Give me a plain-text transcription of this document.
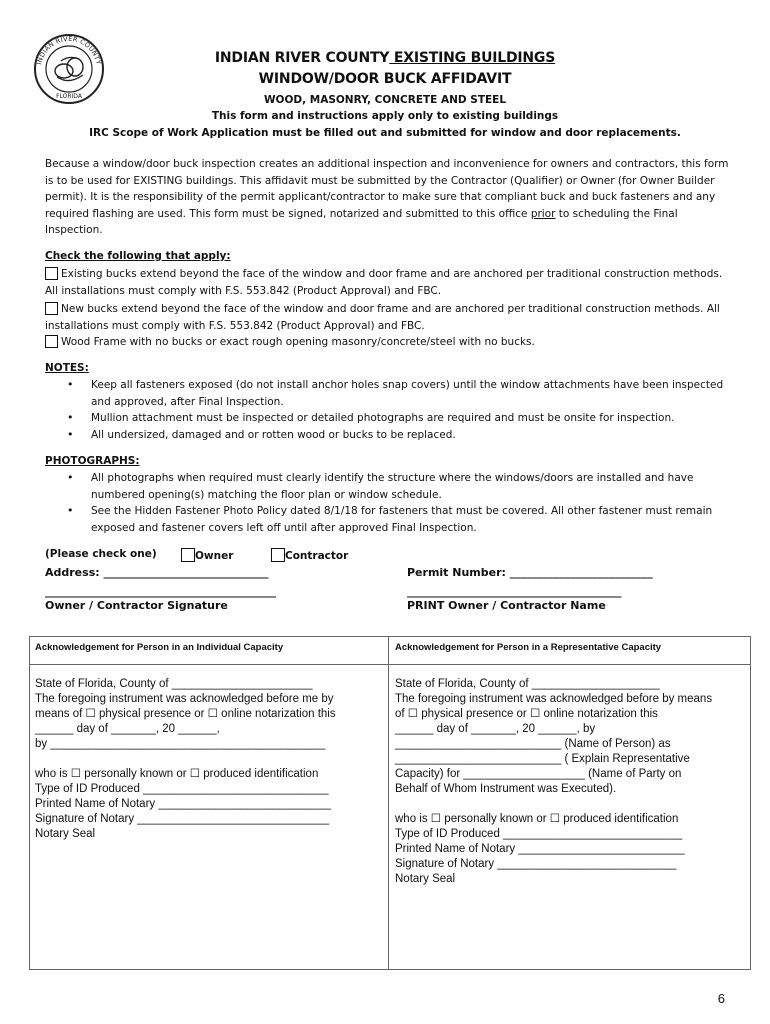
INDIAN RIVER COUNTY
FLORIDA
INDIAN RIVER COUNTY EXISTING BUILDINGS
WINDOW/DOOR BUCK AFFIDAVIT
WOOD, MASONRY, CONCRETE AND STEEL
This form and instructions apply only to existing buildings
IRC Scope of Work Application must be filled out and submitted for window and door replacements.
Because a window/door buck inspection creates an additional inspection and inconvenience for owners and contractors, this form is to be used for EXISTING buildings. This affidavit must be submitted by the Contractor (Qualifier) or Owner (for Owner Builder permit). It is the responsibility of the permit applicant/contractor to make sure that compliant buck and buck fasteners and any required flashing are used. This form must be signed, notarized and submitted to this office prior to scheduling the Final Inspection.
Check the following that apply:
Existing bucks extend beyond the face of the window and door frame and are anchored per traditional construction methods. All installations must comply with F.S. 553.842 (Product Approval) and FBC.
New bucks extend beyond the face of the window and door frame and are anchored per traditional construction methods. All installations must comply with F.S. 553.842 (Product Approval) and FBC.
Wood Frame with no bucks or exact rough opening masonry/concrete/steel with no bucks.
NOTES:
• Keep all fasteners exposed (do not install anchor holes snap covers) until the window attachments have been inspected and approved, after Final Inspection.
• Mullion attachment must be inspected or detailed photographs are required and must be onsite for inspection.
• All undersized, damaged and or rotten wood or bucks to be replaced.
PHOTOGRAPHS:
• All photographs when required must clearly identify the structure where the windows/doors are installed and have numbered opening(s) matching the floor plan or window schedule.
• See the Hidden Fastener Photo Policy dated 8/1/18 for fasteners that must be covered. All other fastener must remain exposed and fastener covers left off until after approved Final Inspection.
(Please check one)	Owner	Contractor
Address: ______________________________	Permit Number: __________________________
__________________________________________	_______________________________________
Owner / Contractor Signature	PRINT Owner / Contractor Name
Acknowledgement for Person in an Individual Capacity	Acknowledgement for Person in a Representative Capacity
State of Florida, County of ______________________
The foregoing instrument was acknowledged before me by
means of ☐ physical presence or ☐ online notarization this
______ day of _______, 20 ______,
by ___________________________________________
who is ☐ personally known or ☐ produced identification
Type of ID Produced _____________________________
Printed Name of Notary ___________________________
Signature of Notary ______________________________
Notary Seal
State of Florida, County of ____________________
The foregoing instrument was acknowledged before by means
of ☐ physical presence or ☐ online notarization this
______ day of _______, 20 ______, by
__________________________ (Name of Person) as
__________________________ ( Explain Representative
Capacity) for ___________________ (Name of Party on
Behalf of Whom Instrument was Executed).
who is ☐ personally known or ☐ produced identification
Type of ID Produced ____________________________
Printed Name of Notary __________________________
Signature of Notary ____________________________
Notary Seal
6
